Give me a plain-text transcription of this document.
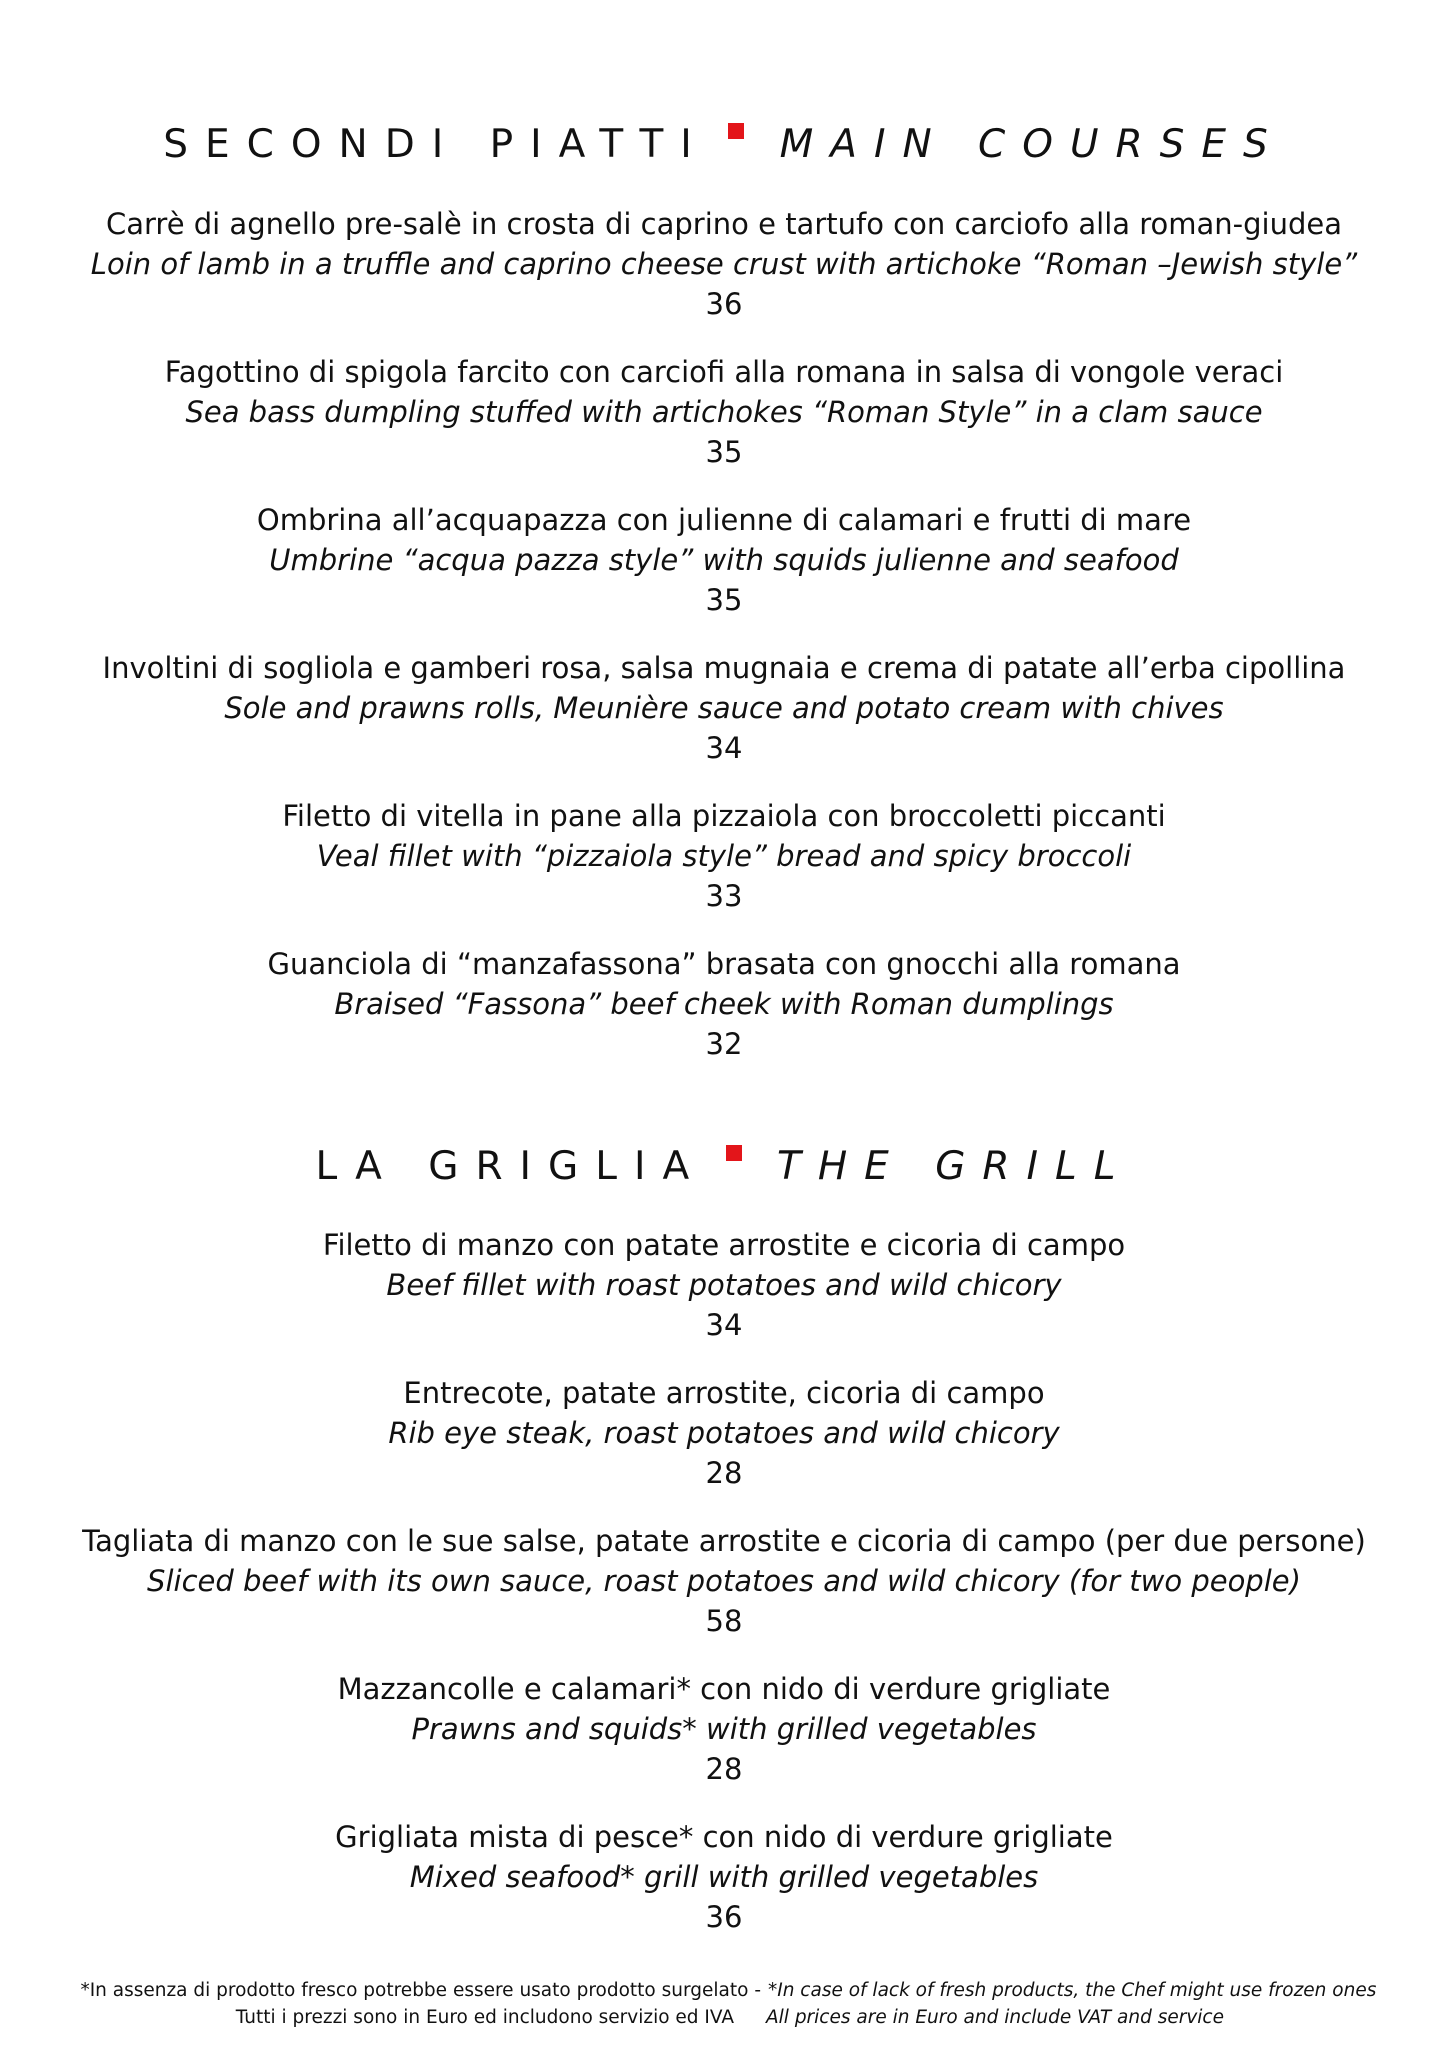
SECONDI PIATTI MAIN COURSES
Carrè di agnello pre-salè in crosta di caprino e tartufo con carciofo alla roman-giudea
Loin of lamb in a truffle and caprino cheese crust with artichoke “Roman –Jewish style”
36
Fagottino di spigola farcito con carciofi alla romana in salsa di vongole veraci
Sea bass dumpling stuffed with artichokes “Roman Style” in a clam sauce
35
Ombrina all’acquapazza con julienne di calamari e frutti di mare
Umbrine “acqua pazza style” with squids julienne and seafood
35
Involtini di sogliola e gamberi rosa, salsa mugnaia e crema di patate all’erba cipollina
Sole and prawns rolls, Meunière sauce and potato cream with chives
34
Filetto di vitella in pane alla pizzaiola con broccoletti piccanti
Veal fillet with “pizzaiola style” bread and spicy broccoli
33
Guanciola di “manzafassona” brasata con gnocchi alla romana
Braised “Fassona” beef cheek with Roman dumplings
32
LA GRIGLIA THE GRILL
Filetto di manzo con patate arrostite e cicoria di campo
Beef fillet with roast potatoes and wild chicory
34
Entrecote, patate arrostite, cicoria di campo
Rib eye steak, roast potatoes and wild chicory
28
Tagliata di manzo con le sue salse, patate arrostite e cicoria di campo (per due persone)
Sliced beef with its own sauce, roast potatoes and wild chicory (for two people)
58
Mazzancolle e calamari* con nido di verdure grigliate
Prawns and squids* with grilled vegetables
28
Grigliata mista di pesce* con nido di verdure grigliate
Mixed seafood* grill with grilled vegetables
36
*In assenza di prodotto fresco potrebbe essere usato prodotto surgelato - *In case of lack of fresh products, the Chef might use frozen ones
Tutti i prezzi sono in Euro ed includono servizio ed IVA All prices are in Euro and include VAT and service
